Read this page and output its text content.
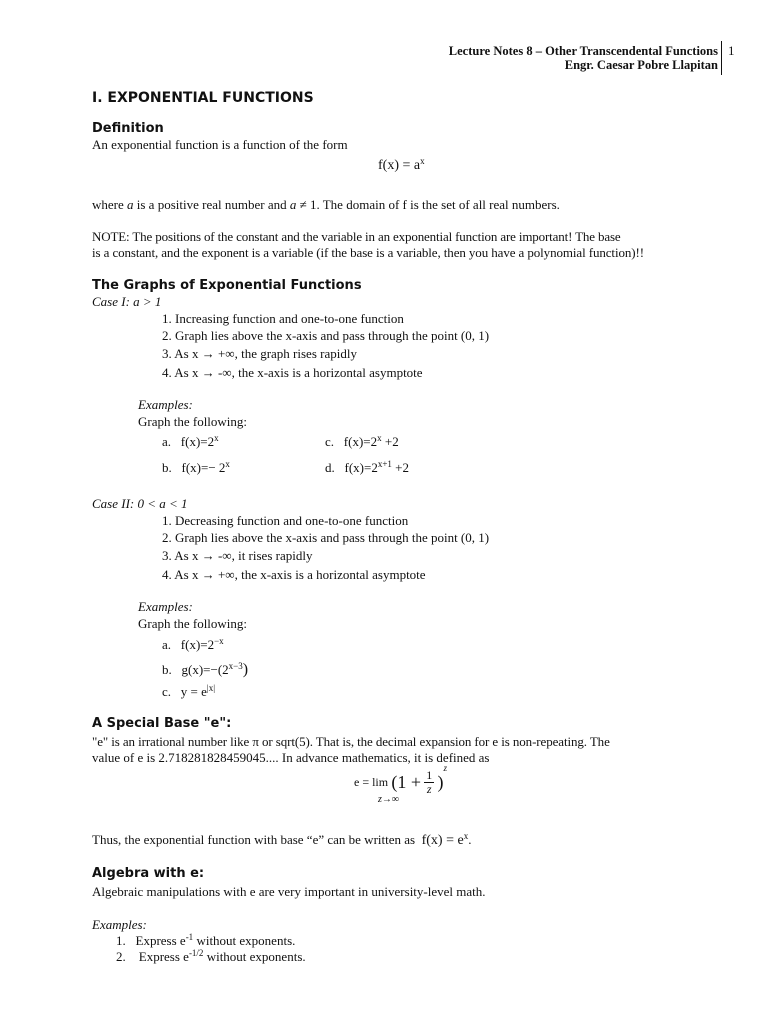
Lecture Notes 8 – Other Transcendental Functions
Engr. Caesar Pobre Llapitan
1
I. EXPONENTIAL FUNCTIONS
Definition
An exponential function is a function of the form
$f(x) = a^x$
where a is a positive real number and a ≠ 1. The domain of f is the set of all real numbers.
NOTE: The positions of the constant and the variable in an exponential function are important! The base
is a constant, and the exponent is a variable (if the base is a variable, then you have a polynomial function)!!
The Graphs of Exponential Functions
Case I: a > 1
1. Increasing function and one-to-one function
2. Graph lies above the x-axis and pass through the point (0, 1)
3. As x → +∞, the graph rises rapidly
4. As x → -∞, the x-axis is a horizontal asymptote
Examples:
Graph the following:
a. $f(x)=2^x$	c. $f(x)=2^x +2$
b. $f(x)=- 2^x$	d. $f(x)=2^{x+1} +2$
Case II: 0 < a < 1
1. Decreasing function and one-to-one function
2. Graph lies above the x-axis and pass through the point (0, 1)
3. As x → -∞, it rises rapidly
4. As x → +∞, the x-axis is a horizontal asymptote
Examples:
Graph the following:
a. $f(x)=2^{-x}$
b. $g(x)=-(2^{x-3})$
c. $y = e^{|x|}$
A Special Base "e":
"e" is an irrational number like π or sqrt(5). That is, the decimal expansion for e is non-repeating. The
value of e is 2.718281828459045.... In advance mathematics, it is defined as
$e = \lim (1 + \frac{1}{z} )^z$
z→∞
Thus, the exponential function with base “e” can be written as $f(x) = e^x$.
Algebra with e:
Algebraic manipulations with e are very important in university-level math.
Examples:
1. Express $e^{-1}$ without exponents.
2.    Express $e^{-1/2}$ without exponents.
